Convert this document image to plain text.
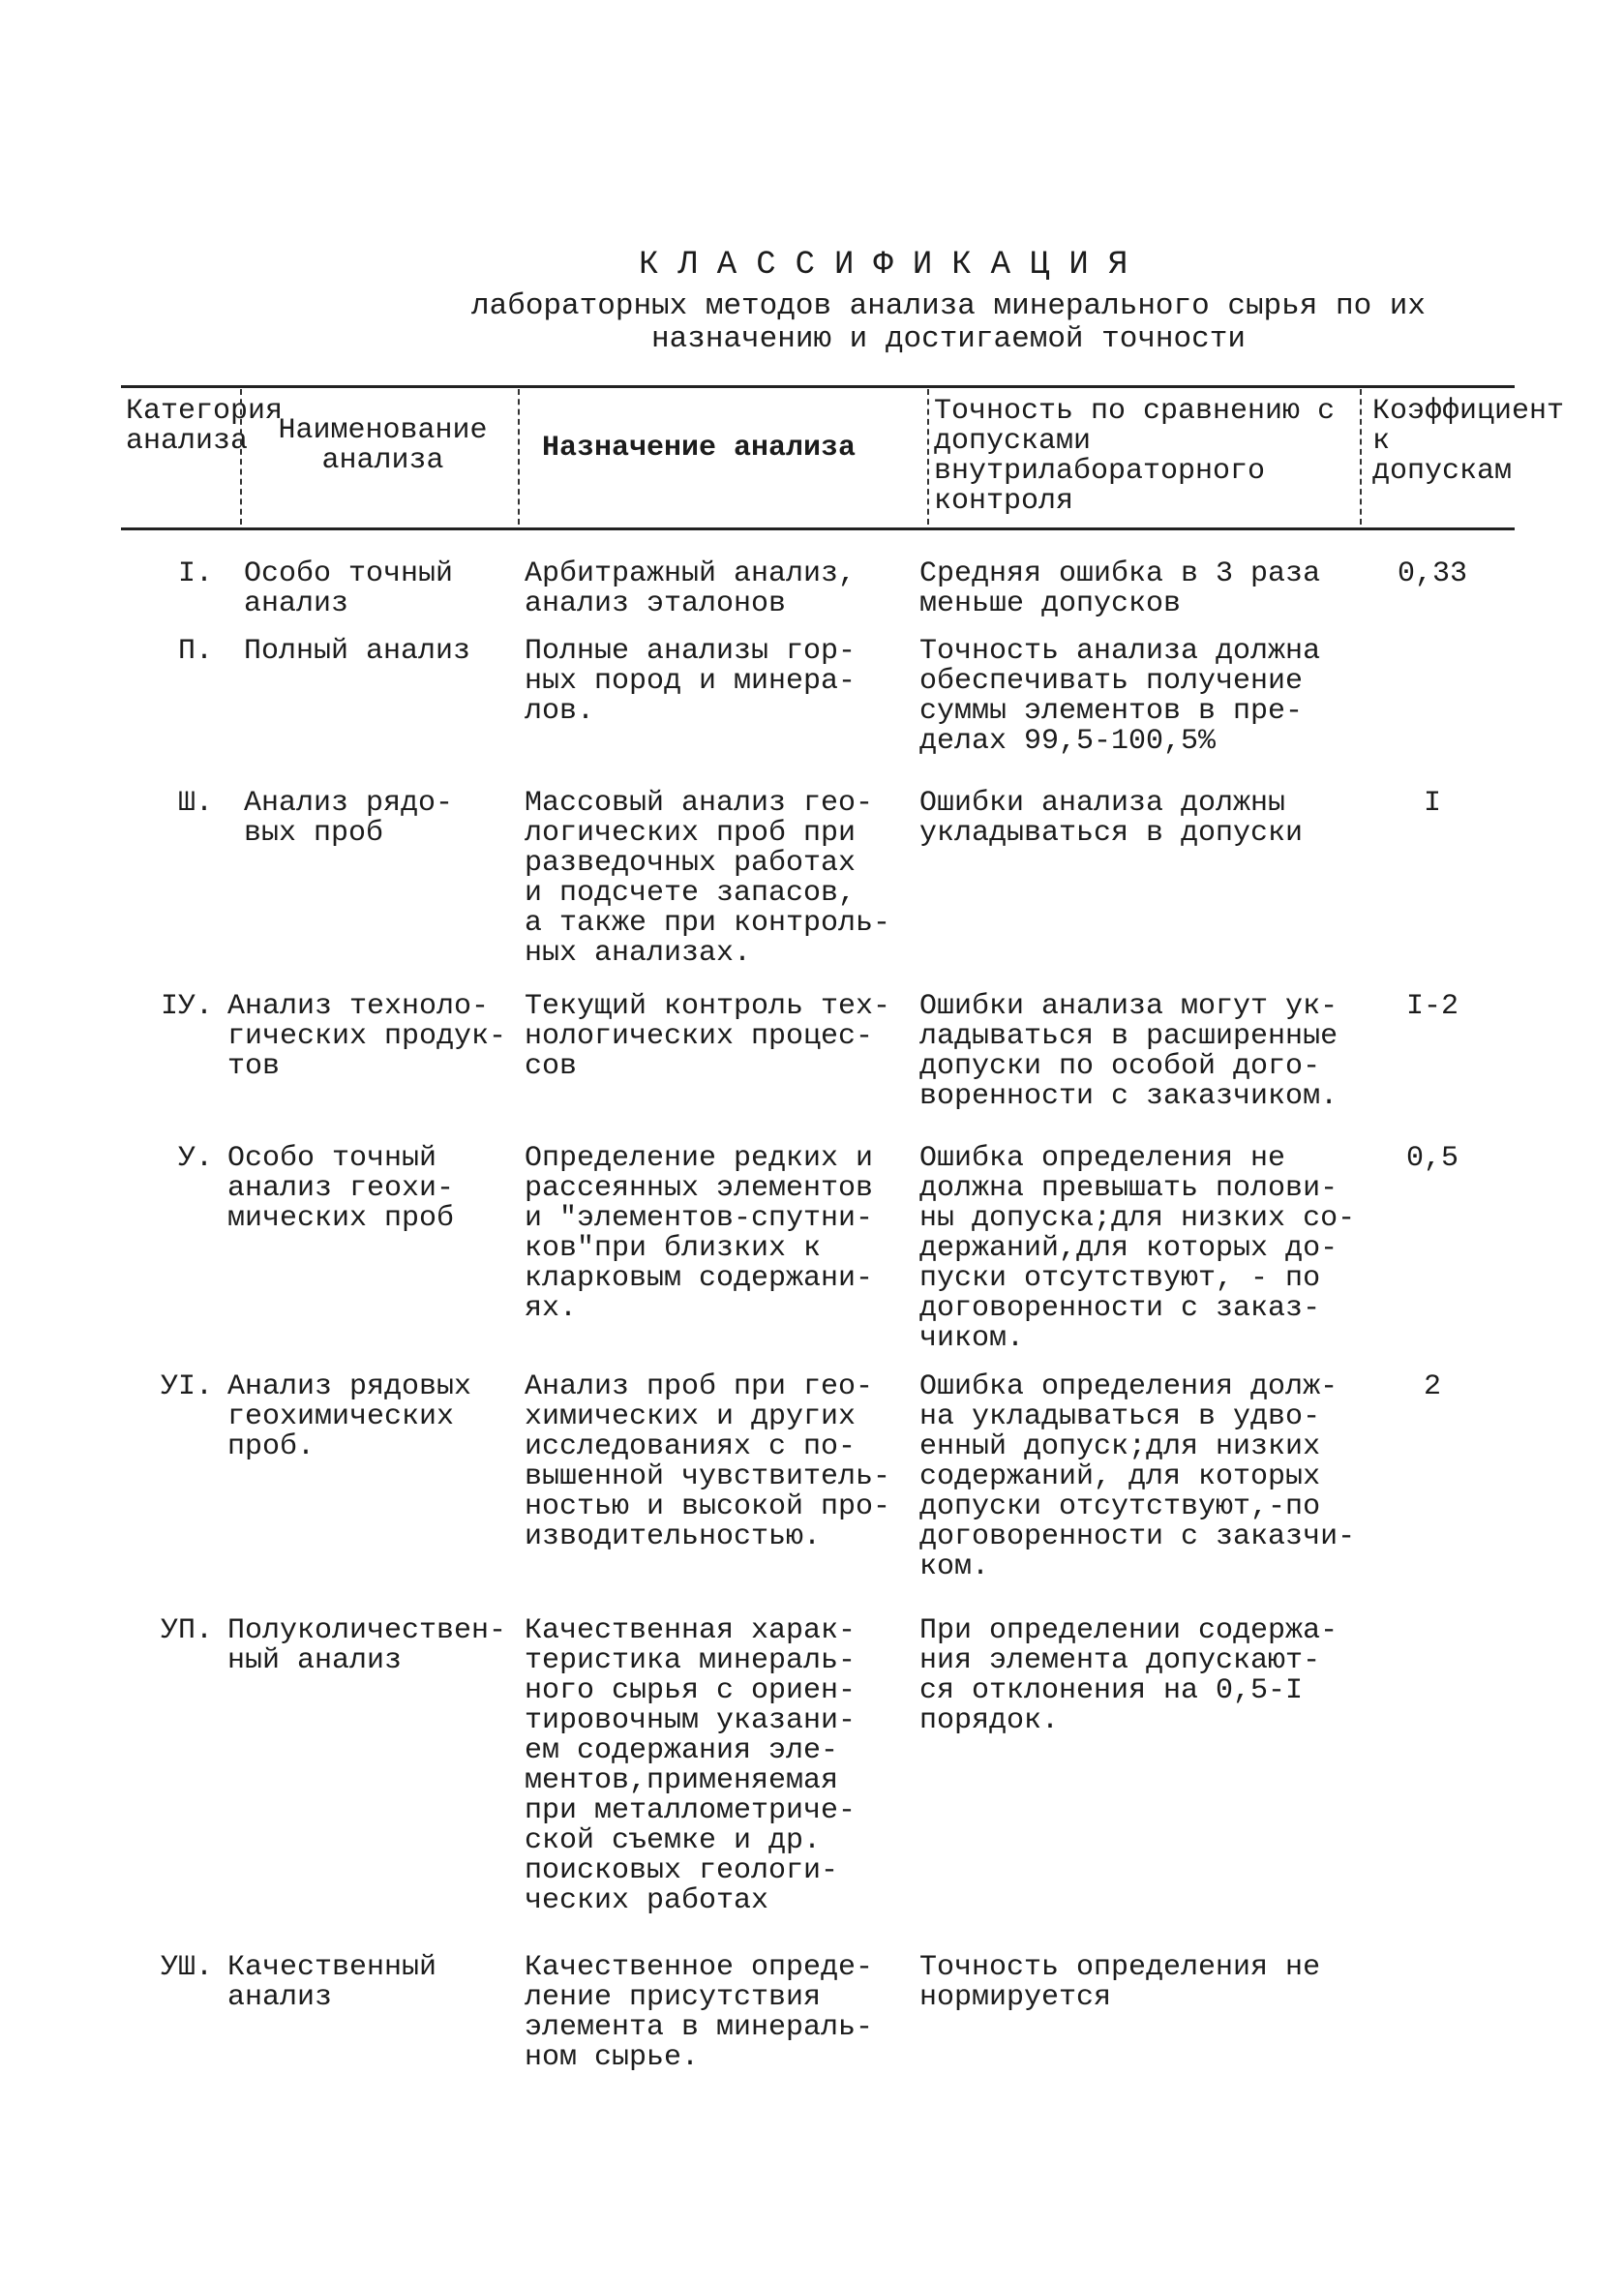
КЛАССИФИКАЦИЯ
лабораторных методов анализа минерального сырья по их назначению и достигаемой точности
Категория анализа	Наименование анализа	Назначение анализа
Точность по сравнению с допусками внутрилабораторного контроля
Коэффициент к допускам
I. Особо точный
анализ
Арбитражный анализ,
анализ эталонов
Средняя ошибка в 3 раза
меньше допусков
0,33
П. Полный анализ Полные анализы гор-
ных пород и минера-
лов.
Точность анализа должна
обеспечивать получение
суммы элементов в пре-
делах 99,5-100,5%
Ш. Анализ рядо-
вых проб
Массовый анализ гео-
логических проб при
разведочных работах
и подсчете запасов,
а также при контроль-
ных анализах.
Ошибки анализа должны
укладываться в допуски
I
IУ. Анализ техноло-
гических продук-
тов
Текущий контроль тех-
нологических процес-
сов
Ошибки анализа могут ук-
ладываться в расширенные
допуски по особой дого-
воренности с заказчиком.
I-2
У. Особо точный
анализ геохи-
мических проб
Определение редких и
рассеянных элементов
и "элементов-спутни-
ков"при близких к
кларковым содержани-
ях.
Ошибка определения не
должна превышать полови-
ны допуска;для низких со-
держаний,для которых до-
пуски отсутствуют, - по
договоренности с заказ-
чиком.
0,5
УI. Анализ рядовых
геохимических
проб.
Анализ проб при гео-
химических и других
исследованиях с по-
вышенной чувствитель-
ностью и высокой про-
изводительностью.
Ошибка определения долж-
на укладываться в удво-
енный допуск;для низких
содержаний, для которых
допуски отсутствуют,-по
договоренности с заказчи-
ком.
2
УП. Полуколичествен-
ный анализ
Качественная харак-
теристика минераль-
ного сырья с ориен-
тировочным указани-
ем содержания эле-
ментов,применяемая
при металлометриче-
ской съемке и др.
поисковых геологи-
ческих работах
При определении содержа-
ния элемента допускают-
ся отклонения на 0,5-I
порядок.
УШ. Качественный
анализ
Качественное опреде-
ление присутствия
элемента в минераль-
ном сырье.
Точность определения не
нормируется
